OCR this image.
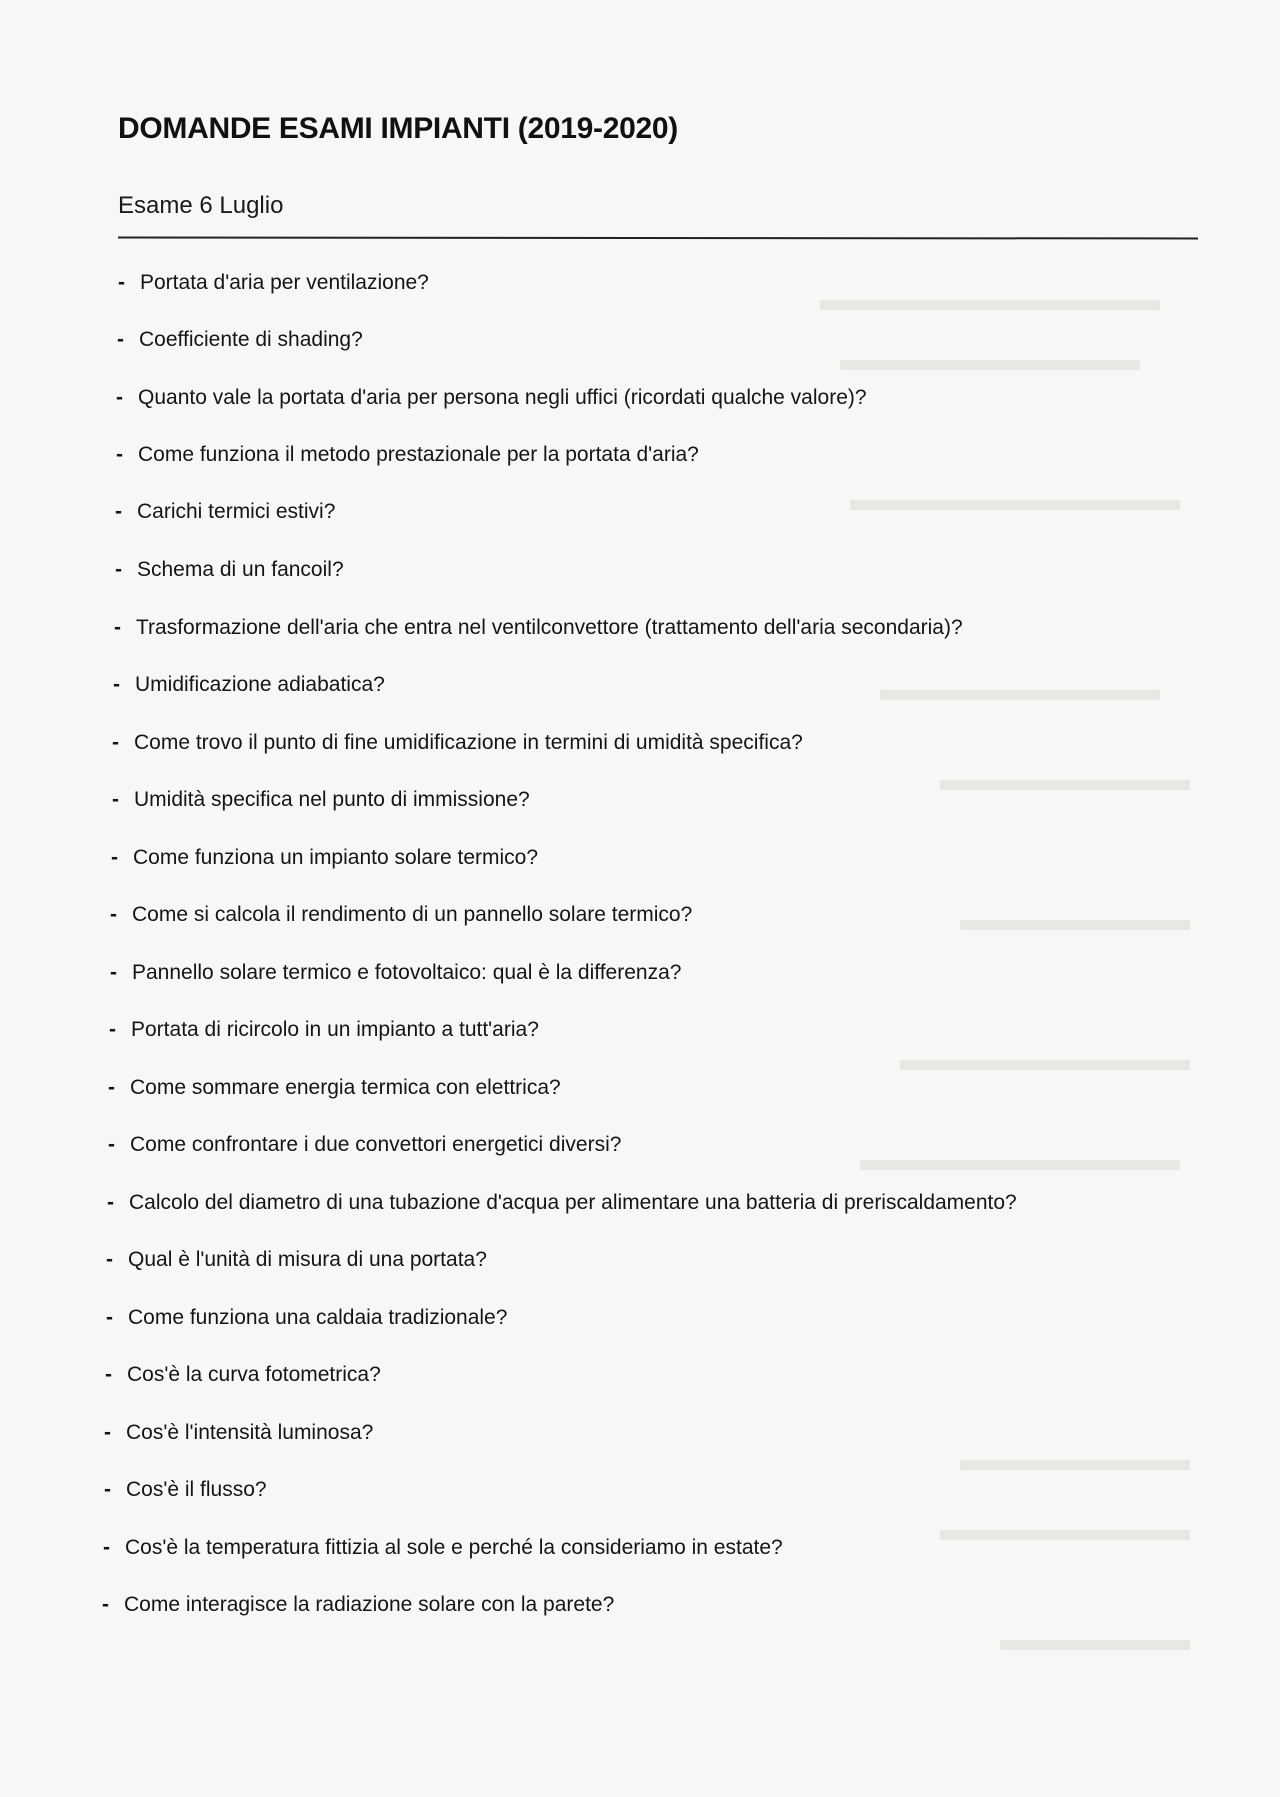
DOMANDE ESAMI IMPIANTI (2019-2020)
Esame 6 Luglio
- Portata d'aria per ventilazione?
- Coefficiente di shading?
- Quanto vale la portata d'aria per persona negli uffici (ricordati qualche valore)?
- Come funziona il metodo prestazionale per la portata d'aria?
- Carichi termici estivi?
- Schema di un fancoil?
- Trasformazione dell'aria che entra nel ventilconvettore (trattamento dell'aria secondaria)?
- Umidificazione adiabatica?
- Come trovo il punto di fine umidificazione in termini di umidità specifica?
- Umidità specifica nel punto di immissione?
- Come funziona un impianto solare termico?
- Come si calcola il rendimento di un pannello solare termico?
- Pannello solare termico e fotovoltaico: qual è la differenza?
- Portata di ricircolo in un impianto a tutt'aria?
- Come sommare energia termica con elettrica?
- Come confrontare i due convettori energetici diversi?
- Calcolo del diametro di una tubazione d'acqua per alimentare una batteria di preriscaldamento?
- Qual è l'unità di misura di una portata?
- Come funziona una caldaia tradizionale?
- Cos'è la curva fotometrica?
- Cos'è l'intensità luminosa?
- Cos'è il flusso?
- Cos'è la temperatura fittizia al sole e perché la consideriamo in estate?
- Come interagisce la radiazione solare con la parete?
